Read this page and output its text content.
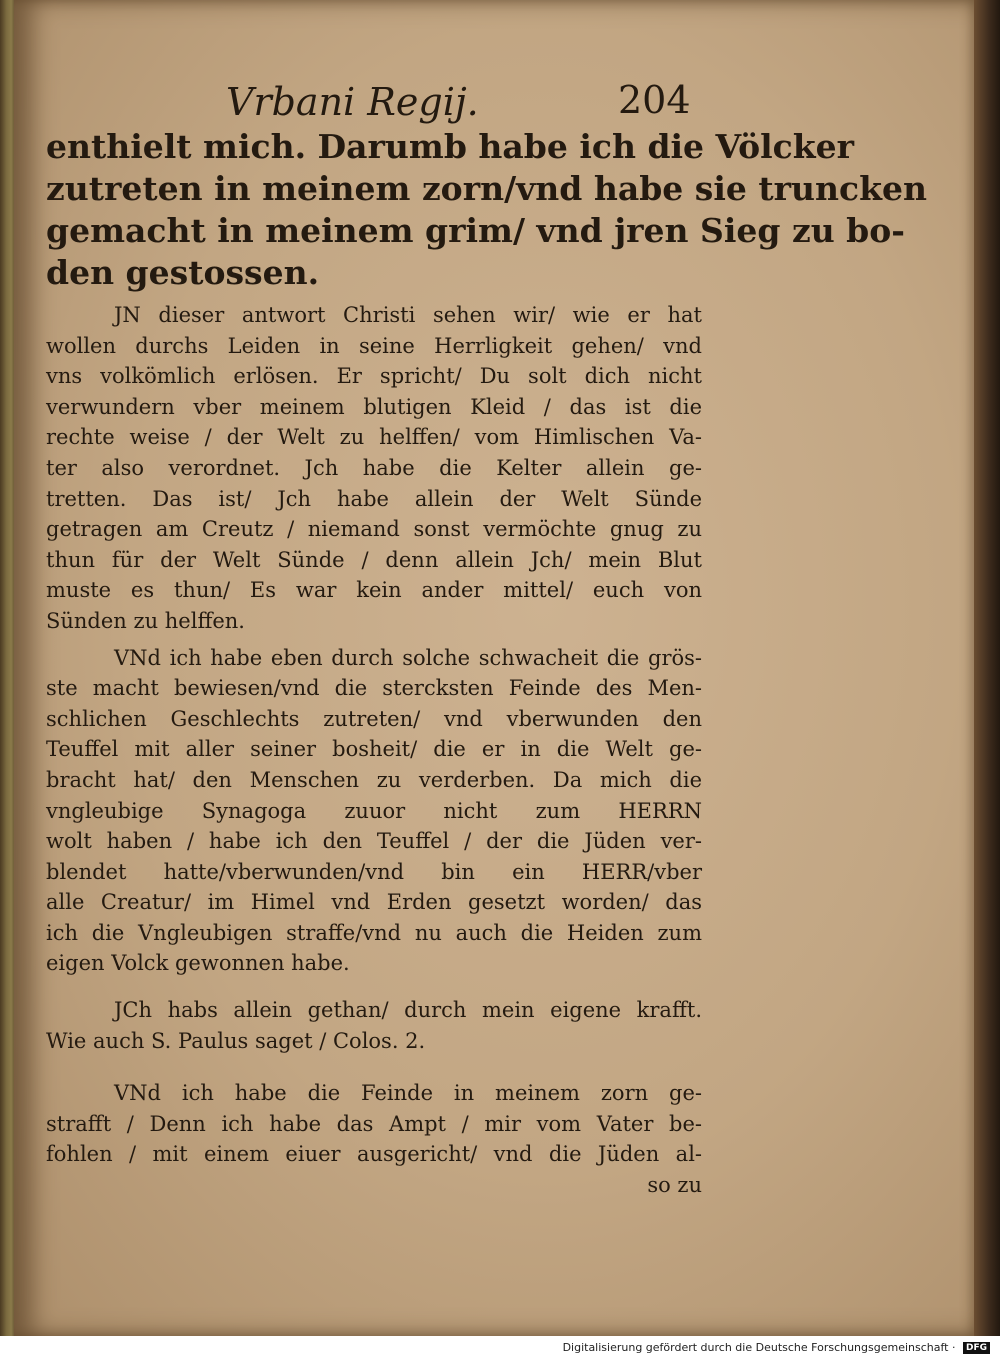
Vrbani Regij.	204
enthielt mich. Darumb habe ich die Völcker
zutreten in meinem zorn/vnd habe sie truncken
gemacht in meinem grim/ vnd jren Sieg zu bo-
den gestossen.
JN dieser antwort Christi sehen wir/ wie er hat
wollen durchs Leiden in seine Herrligkeit gehen/ vnd
vns volkömlich erlösen. Er spricht/ Du solt dich nicht
verwundern vber meinem blutigen Kleid / das ist die
rechte weise / der Welt zu helffen/ vom Himlischen Va-
ter also verordnet. Jch habe die Kelter allein ge-
tretten. Das ist/ Jch habe allein der Welt Sünde
getragen am Creutz / niemand sonst vermöchte gnug zu
thun für der Welt Sünde / denn allein Jch/ mein Blut
muste es thun/ Es war kein ander mittel/ euch von
Sünden zu helffen.
VNd ich habe eben durch solche schwacheit die grös-
ste macht bewiesen/vnd die stercksten Feinde des Men-
schlichen Geschlechts zutreten/ vnd vberwunden den
Teuffel mit aller seiner bosheit/ die er in die Welt ge-
bracht hat/ den Menschen zu verderben. Da mich die
vngleubige Synagoga zuuor nicht zum HERRN
wolt haben / habe ich den Teuffel / der die Jüden ver-
blendet hatte/vberwunden/vnd bin ein HERR/vber
alle Creatur/ im Himel vnd Erden gesetzt worden/ das
ich die Vngleubigen straffe/vnd nu auch die Heiden zum
eigen Volck gewonnen habe.
JCh habs allein gethan/ durch mein eigene krafft.
Wie auch S. Paulus saget / Colos. 2.
VNd ich habe die Feinde in meinem zorn ge-
strafft / Denn ich habe das Ampt / mir vom Vater be-
fohlen / mit einem eiuer ausgericht/ vnd die Jüden al-
so zu
Digitalisierung gefördert durch die Deutsche Forschungsgemeinschaft · DFG
